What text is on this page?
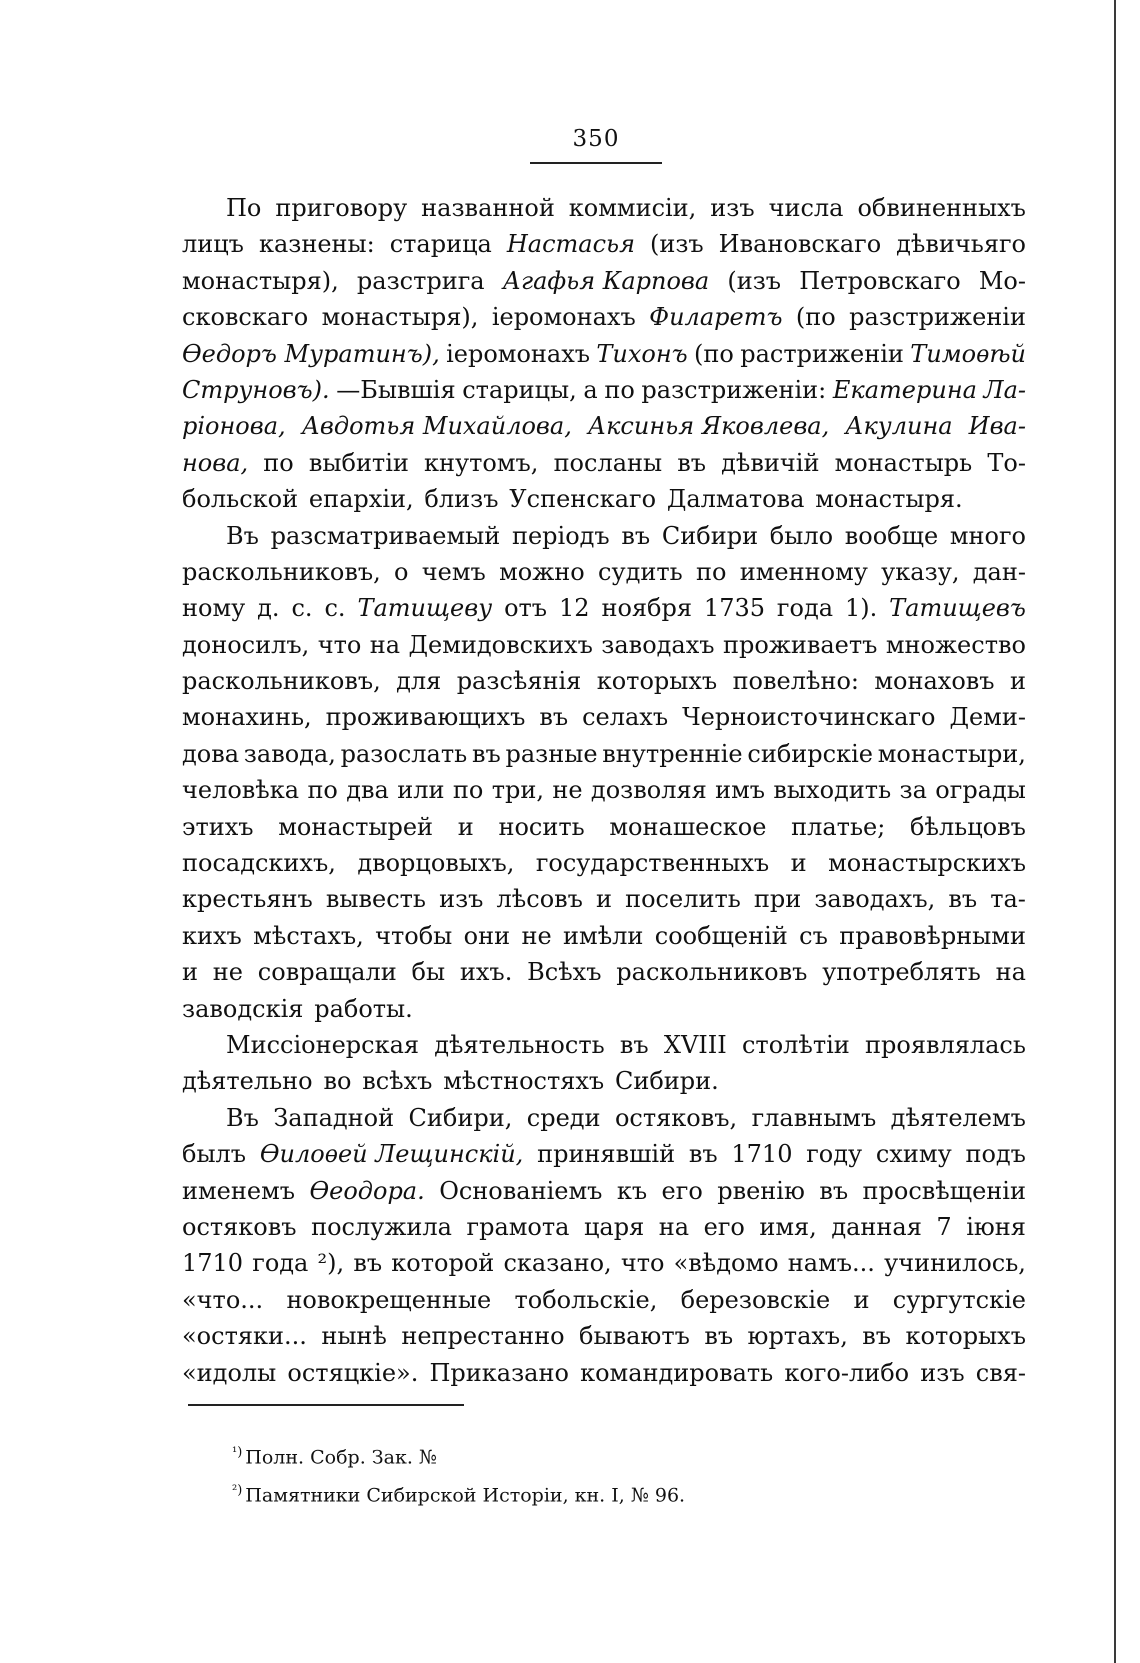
350
По приговору названной коммисіи, изъ числа обвиненныхъ
лицъ казнены: старица Настасья (изъ Ивановскаго дѣвичьяго
монастыря), разстрига Агафья Карпова (изъ Петровскаго Мо-
сковскаго монастыря), іеромонахъ Филаретъ (по разстриженіи
Өедоръ Муратинъ), іеромонахъ Тихонъ (по растриженіи Тимоѳѣй
Струновъ). —Бывшія старицы, а по разстриженіи: Екатерина Ла-
ріонова, Авдотья Михайлова, Аксинья Яковлева, Акулина Ива-
нова, по выбитіи кнутомъ, посланы въ дѣвичій монастырь То-
больской епархіи, близъ Успенскаго Далматова монастыря.
Въ разсматриваемый періодъ въ Сибири было вообще много
раскольниковъ, о чемъ можно судить по именному указу, дан-
ному д. с. с. Татищеву отъ 12 ноября 1735 года 1). Татищевъ
доносилъ, что на Демидовскихъ заводахъ проживаетъ множество
раскольниковъ, для разсѣянія которыхъ повелѣно: монаховъ и
монахинь, проживающихъ въ селахъ Черноисточинскаго Деми-
дова завода, разослать въ разные внутренніе сибирскіе монастыри,
человѣка по два или по три, не дозволяя имъ выходить за ограды
этихъ монастырей и носить монашеское платье; бѣльцовъ
посадскихъ, дворцовыхъ, государственныхъ и монастырскихъ
крестьянъ вывесть изъ лѣсовъ и поселить при заводахъ, въ та-
кихъ мѣстахъ, чтобы они не имѣли сообщеній съ правовѣрными
и не совращали бы ихъ. Всѣхъ раскольниковъ употреблять на
заводскія работы.
Миссіонерская дѣятельность въ XVIII столѣтіи проявлялась
дѣятельно во всѣхъ мѣстностяхъ Сибири.
Въ Западной Сибири, среди остяковъ, главнымъ дѣятелемъ
былъ Ѳилоѳей Лещинскій, принявшій въ 1710 году схиму подъ
именемъ Ѳеодора. Основаніемъ къ его рвенію въ просвѣщеніи
остяковъ послужила грамота царя на его имя, данная 7 іюня
1710 года ²), въ которой сказано, что «вѣдомо намъ... учинилось,
«что... новокрещенные тобольскіе, березовскіе и сургутскіе
«остяки... нынѣ непрестанно бываютъ въ юртахъ, въ которыхъ
«идолы остяцкіе». Приказано командировать кого-либо изъ свя-
$^{^1)}$ Полн. Собр. Зак. №
$^{^2)}$ Памятники Сибирской Исторіи, кн. I, № 96.
